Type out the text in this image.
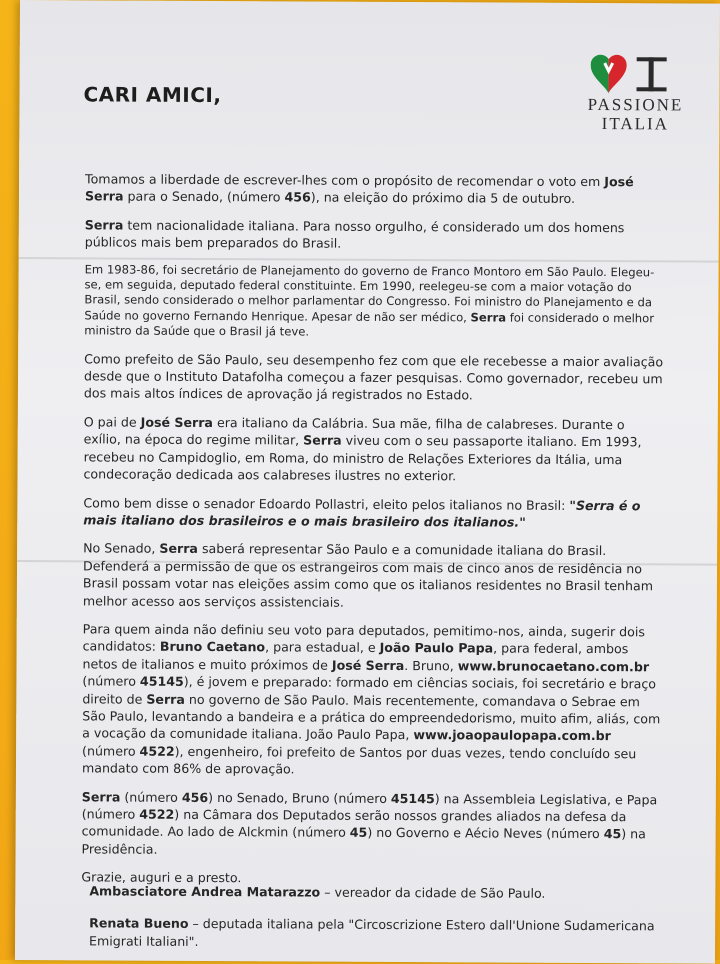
CARI AMICI,	PASSIONE
ITALIA

Tomamos a liberdade de escrever-lhes com o propósito de recomendar o voto em José Serra para o Senado, (número 456), na eleição do próximo dia 5 de outubro.

Serra tem nacionalidade italiana. Para nosso orgulho, é considerado um dos homens públicos mais bem preparados do Brasil.

Em 1983-86, foi secretário de Planejamento do governo de Franco Montoro em São Paulo. Elegeu-se, em seguida, deputado federal constituinte. Em 1990, reelegeu-se com a maior votação do Brasil, sendo considerado o melhor parlamentar do Congresso. Foi ministro do Planejamento e da Saúde no governo Fernando Henrique. Apesar de não ser médico, Serra foi considerado o melhor ministro da Saúde que o Brasil já teve.

Como prefeito de São Paulo, seu desempenho fez com que ele recebesse a maior avaliação desde que o Instituto Datafolha começou a fazer pesquisas. Como governador, recebeu um dos mais altos índices de aprovação já registrados no Estado.

O pai de José Serra era italiano da Calábria. Sua mãe, filha de calabreses. Durante o exílio, na época do regime militar, Serra viveu com o seu passaporte italiano. Em 1993, recebeu no Campidoglio, em Roma, do ministro de Relações Exteriores da Itália, uma condecoração dedicada aos calabreses ilustres no exterior.

Como bem disse o senador Edoardo Pollastri, eleito pelos italianos no Brasil: "Serra é o mais italiano dos brasileiros e o mais brasileiro dos italianos."

No Senado, Serra saberá representar São Paulo e a comunidade italiana do Brasil. Defenderá a permissão de que os estrangeiros com mais de cinco anos de residência no Brasil possam votar nas eleições assim como que os italianos residentes no Brasil tenham melhor acesso aos serviços assistenciais.

Para quem ainda não definiu seu voto para deputados, pemitimo-nos, ainda, sugerir dois candidatos: Bruno Caetano, para estadual, e João Paulo Papa, para federal, ambos netos de italianos e muito próximos de José Serra. Bruno, www.brunocaetano.com.br (número 45145), é jovem e preparado: formado em ciências sociais, foi secretário e braço direito de Serra no governo de São Paulo. Mais recentemente, comandava o Sebrae em São Paulo, levantando a bandeira e a prática do empreendedorismo, muito afim, aliás, com a vocação da comunidade italiana. João Paulo Papa, www.joaopaulopapa.com.br (número 4522), engenheiro, foi prefeito de Santos por duas vezes, tendo concluído seu mandato com 86% de aprovação.

Serra (número 456) no Senado, Bruno (número 45145) na Assembleia Legislativa, e Papa (número 4522) na Câmara dos Deputados serão nossos grandes aliados na defesa da comunidade. Ao lado de Alckmin (número 45) no Governo e Aécio Neves (número 45) na Presidência.

Grazie, auguri e a presto.

Ambasciatore Andrea Matarazzo – vereador da cidade de São Paulo.
Renata Bueno – deputada italiana pela "Circoscrizione Estero dall'Unione Sudamericana Emigrati Italiani".
